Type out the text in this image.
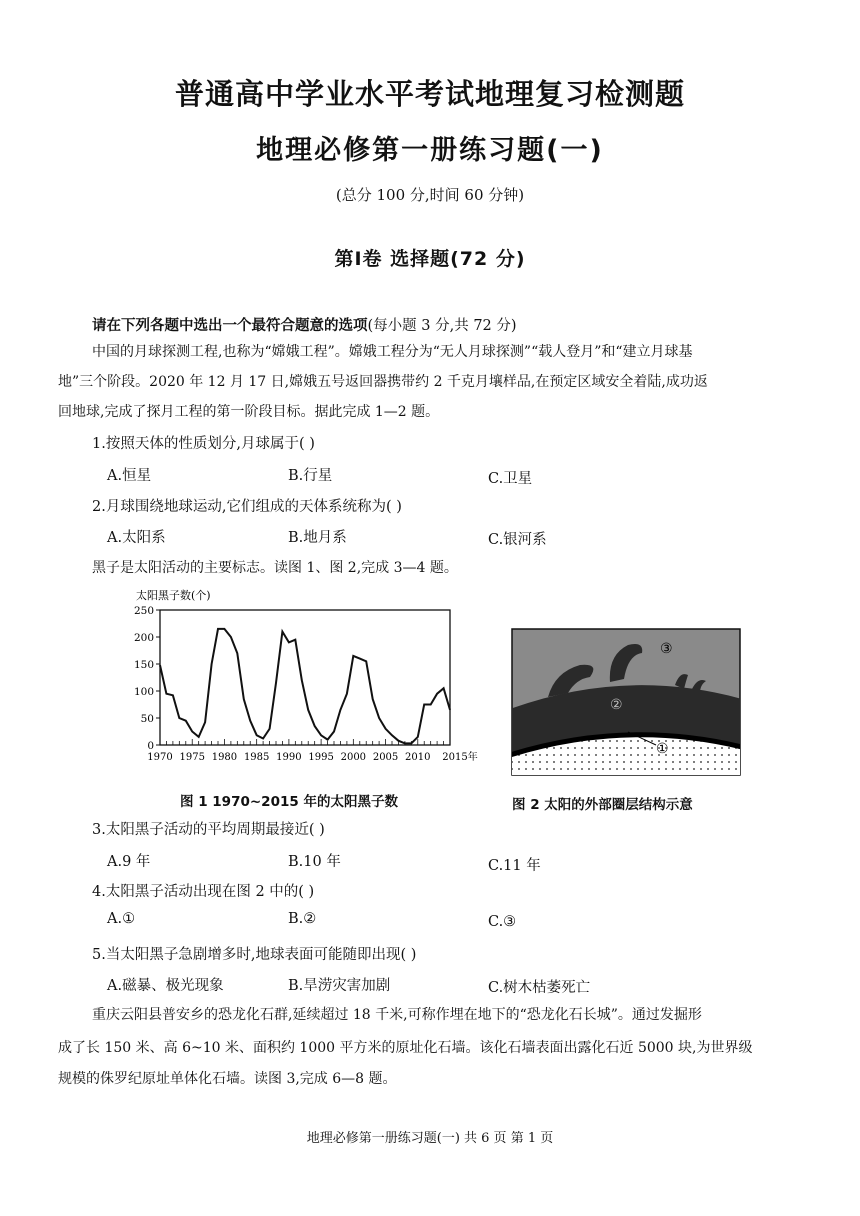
普通高中学业水平考试地理复习检测题
地理必修第一册练习题(一)
(总分 100 分,时间 60 分钟)
第Ⅰ卷 选择题(72 分)
请在下列各题中选出一个最符合题意的选项(每小题 3 分,共 72 分)
中国的月球探测工程,也称为“嫦娥工程”。嫦娥工程分为“无人月球探测”“载人登月”和“建立月球基
地”三个阶段。2020 年 12 月 17 日,嫦娥五号返回器携带约 2 千克月壤样品,在预定区域安全着陆,成功返
回地球,完成了探月工程的第一阶段目标。据此完成 1—2 题。
1.按照天体的性质划分,月球属于( )
A.恒星	B.行星	C.卫星
2.月球围绕地球运动,它们组成的天体系统称为( )
A.太阳系	B.地月系	C.银河系
黑子是太阳活动的主要标志。读图 1、图 2,完成 3—4 题。
太阳黑子数(个)
0
50
100
150
200
250
1970 1975 1980 1985 1990 1995 2000 2005 2010 2015年
图 1 1970~2015 年的太阳黑子数
③
②
①
图 2 太阳的外部圈层结构示意
3.太阳黑子活动的平均周期最接近( )
A.9 年	B.10 年	C.11 年
4.太阳黑子活动出现在图 2 中的( )
A.①	B.②	C.③
5.当太阳黑子急剧增多时,地球表面可能随即出现( )
A.磁暴、极光现象	B.旱涝灾害加剧	C.树木枯萎死亡
重庆云阳县普安乡的恐龙化石群,延续超过 18 千米,可称作埋在地下的“恐龙化石长城”。通过发掘形
成了长 150 米、高 6~10 米、面积约 1000 平方米的原址化石墙。该化石墙表面出露化石近 5000 块,为世界级
规模的侏罗纪原址单体化石墙。读图 3,完成 6—8 题。
地理必修第一册练习题(一) 共 6 页 第 1 页
